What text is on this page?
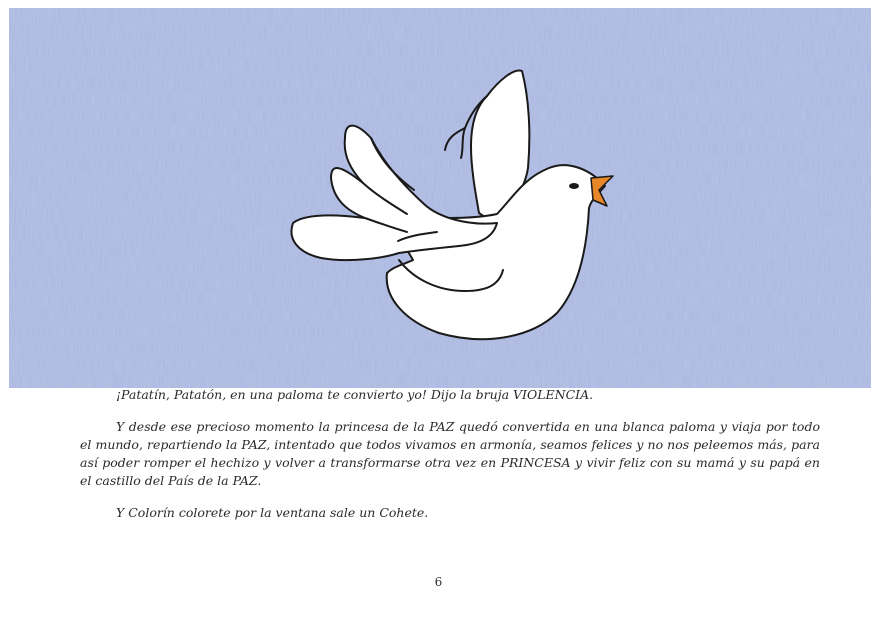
¡Patatín, Patatón, en una paloma te convierto yo! Dijo la bruja VIOLENCIA.

Y desde ese precioso momento la princesa de la PAZ quedó convertida en una blanca paloma y viaja por todo el mundo, repartiendo la PAZ, intentado que todos vivamos en armonía, seamos felices y no nos peleemos más, para así poder romper el hechizo y volver a transformarse otra vez en PRINCESA y vivir feliz con su mamá y su papá en el castillo del País de la PAZ.

Y Colorín colorete por la ventana sale un Cohete.

6
